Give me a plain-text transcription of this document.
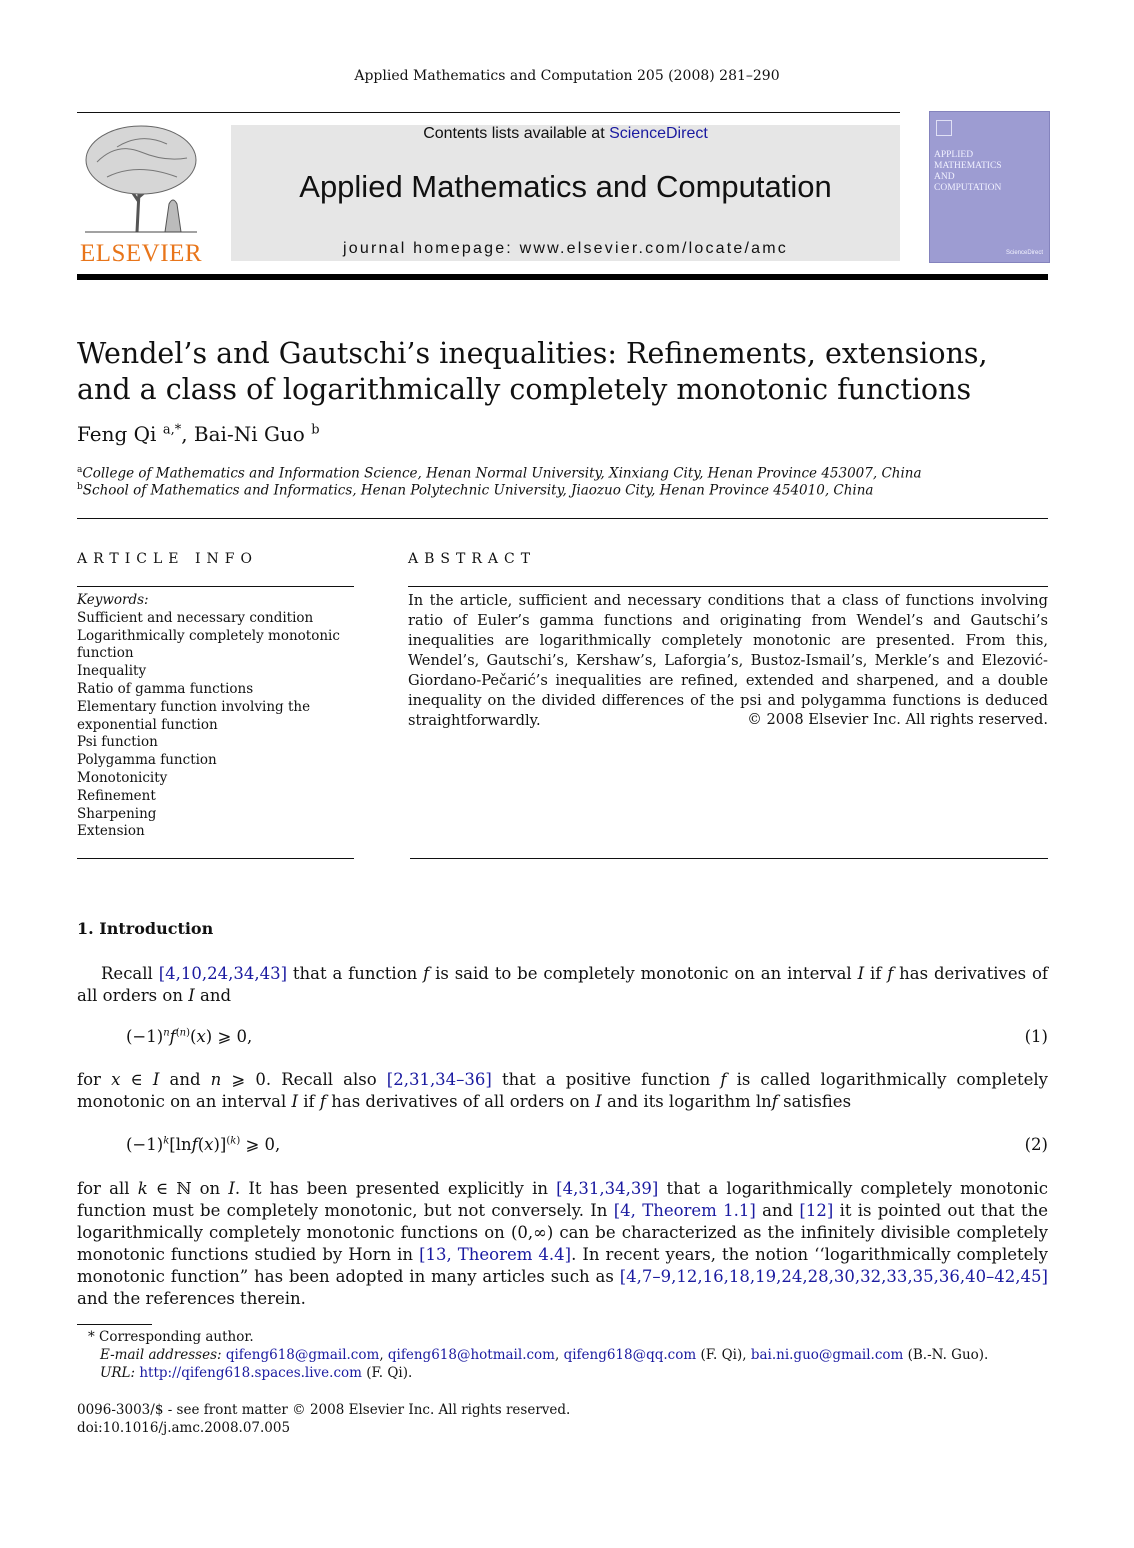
Applied Mathematics and Computation 205 (2008) 281–290
ELSEVIER
Contents lists available at ScienceDirect
Applied Mathematics and Computation
journal homepage: www.elsevier.com/locate/amc
APPLIED
MATHEMATICS
AND
COMPUTATION
ScienceDirect
Wendel’s and Gautschi’s inequalities: Refinements, extensions,
and a class of logarithmically completely monotonic functions
Feng Qi $^{a,*}$, Bai-Ni Guo $^b$
$^a$College of Mathematics and Information Science, Henan Normal University, Xinxiang City, Henan Province 453007, China
$^b$School of Mathematics and Informatics, Henan Polytechnic University, Jiaozuo City, Henan Province 454010, China
ARTICLE INFO	ABSTRACT
Keywords:
Sufficient and necessary condition
Logarithmically completely monotonic
function
Inequality
Ratio of gamma functions
Elementary function involving the
exponential function
Psi function
Polygamma function
Monotonicity
Refinement
Sharpening
Extension
In the article, sufficient and necessary conditions that a class of functions involving ratio of Euler’s gamma functions and originating from Wendel’s and Gautschi’s inequalities are logarithmically completely monotonic are presented. From this, Wendel’s, Gautschi’s, Kershaw’s, Laforgia’s, Bustoz-Ismail’s, Merkle’s and Elezović-Giordano-Pečarić’s inequalities are refined, extended and sharpened, and a double inequality on the divided differences of the psi and polygamma functions is deduced straightforwardly.	© 2008 Elsevier Inc. All rights reserved.
1. Introduction
Recall [4,10,24,34,43] that a function f is said to be completely monotonic on an interval I if f has derivatives of all orders on I and
$(-1)^nf^{(n)}(x)$ ⩾ 0,	(1)
for x ∈ I and n ⩾ 0. Recall also [2,31,34–36] that a positive function f is called logarithmically completely monotonic on an interval I if f has derivatives of all orders on I and its logarithm lnf satisfies
$(-1)^k[\ln f(x)]^{(k)}$ ⩾ 0,	(2)
for all k ∈ ℕ on I. It has been presented explicitly in [4,31,34,39] that a logarithmically completely monotonic function must be completely monotonic, but not conversely. In [4, Theorem 1.1] and [12] it is pointed out that the logarithmically completely monotonic functions on (0,∞) can be characterized as the infinitely divisible completely monotonic functions studied by Horn in [13, Theorem 4.4]. In recent years, the notion ‘‘logarithmically completely monotonic function” has been adopted in many articles such as [4,7–9,12,16,18,19,24,28,30,32,33,35,36,40–42,45] and the references therein.
* Corresponding author.
E-mail addresses: qifeng618@gmail.com, qifeng618@hotmail.com, qifeng618@qq.com (F. Qi), bai.ni.guo@gmail.com (B.-N. Guo).
URL: http://qifeng618.spaces.live.com (F. Qi).
0096-3003/$ - see front matter © 2008 Elsevier Inc. All rights reserved.
doi:10.1016/j.amc.2008.07.005
